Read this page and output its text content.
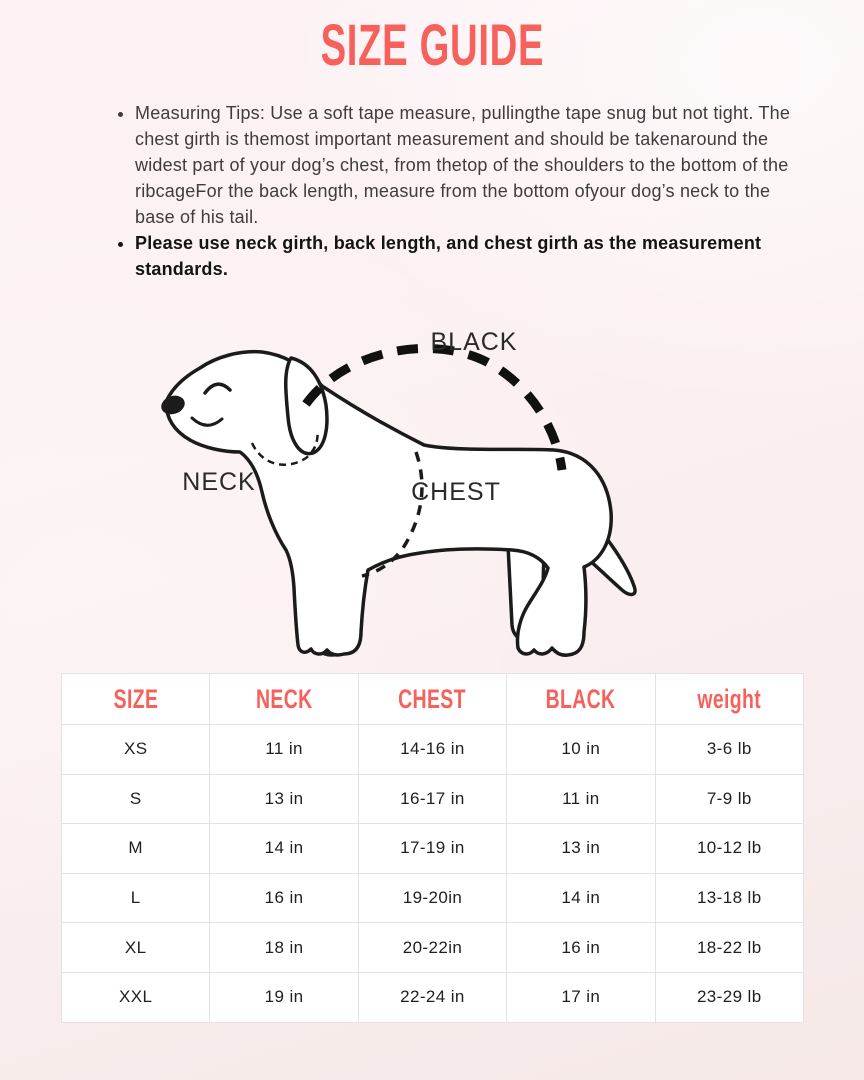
SIZE GUIDE
• Measuring Tips: Use a soft tape measure, pullingthe tape snug but not tight. The chest girth is themost important measurement and should be takenaround the widest part of your dog’s chest, from thetop of the shoulders to the bottom of the ribcageFor the back length, measure from the bottom ofyour dog’s neck to the base of his tail.
• Please use neck girth, back length, and chest girth as the measurement standards.
BLACK
NECK	CHEST
SIZE	NECK	CHEST	BLACK	weight
XS	11 in	14-16 in	10 in	3-6 lb
S	13 in	16-17 in	11 in	7-9 lb
M	14 in	17-19 in	13 in	10-12 lb
L	16 in	19-20in	14 in	13-18 lb
XL	18 in	20-22in	16 in	18-22 lb
XXL	19 in	22-24 in	17 in	23-29 lb
